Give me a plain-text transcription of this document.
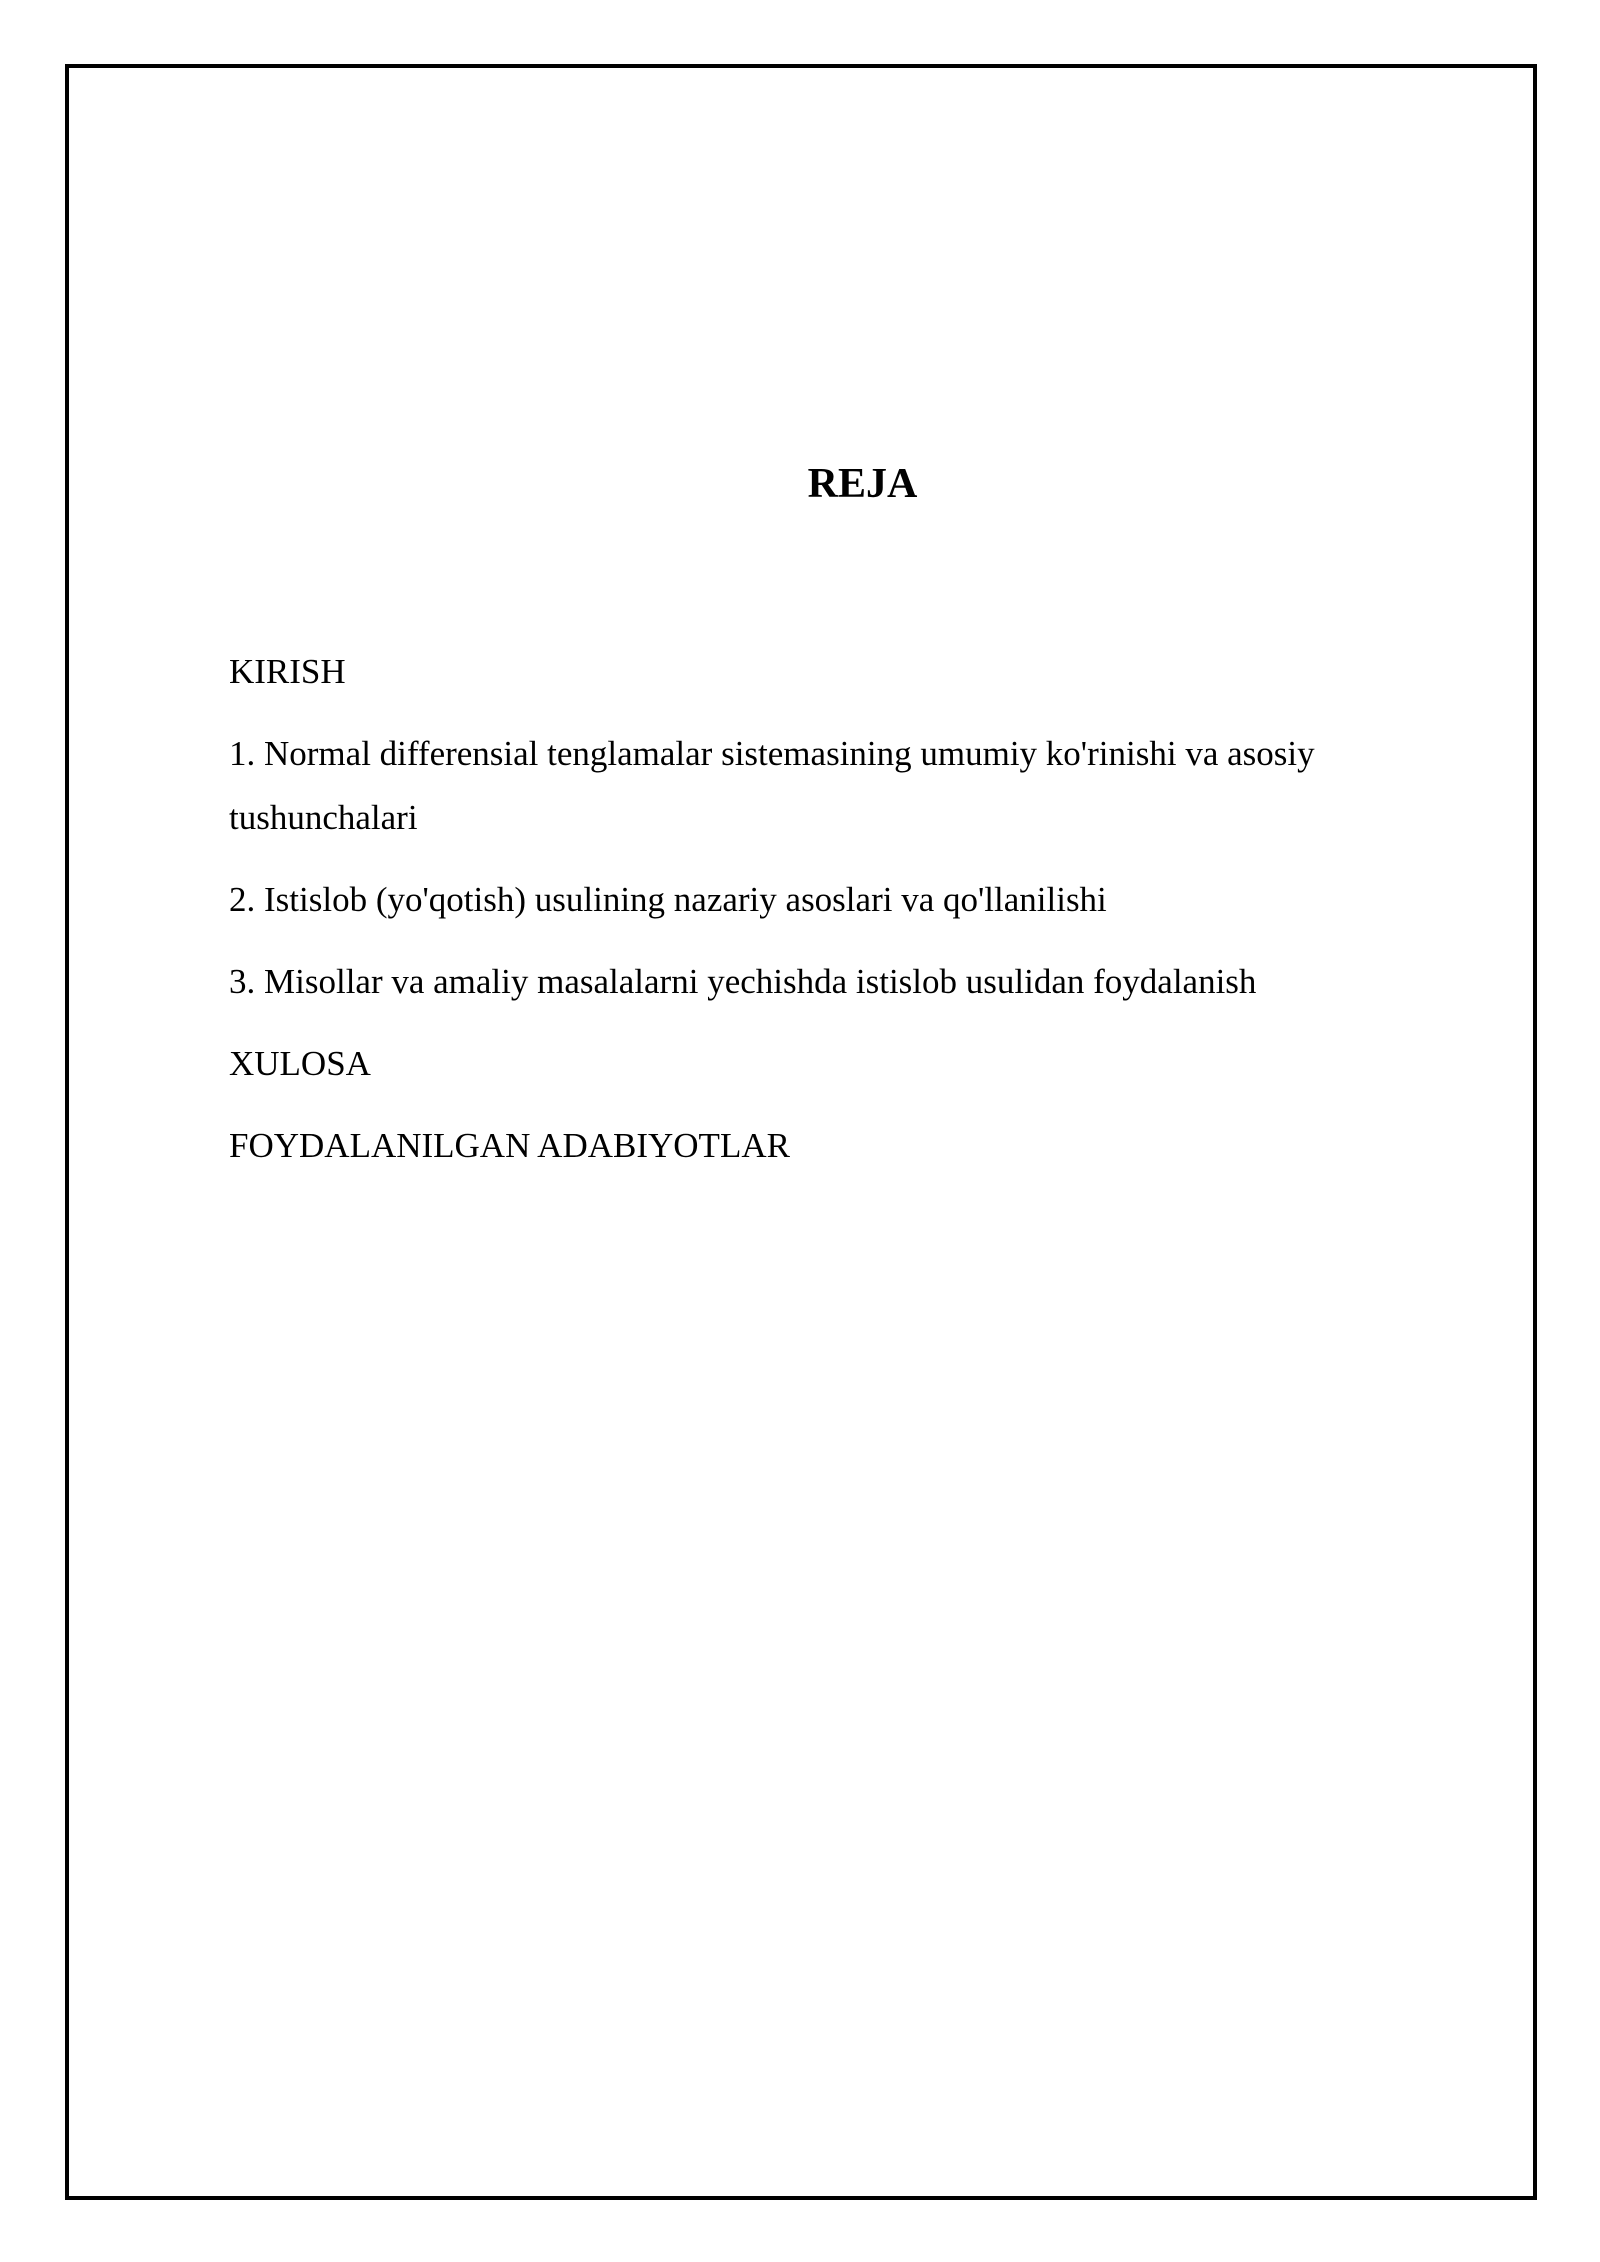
REJA
KIRISH
1. Normal differensial tenglamalar sistemasining umumiy ko'rinishi va asosiy tushunchalari
2. Istislob (yo'qotish) usulining nazariy asoslari va qo'llanilishi
3. Misollar va amaliy masalalarni yechishda istislob usulidan foydalanish
XULOSA
FOYDALANILGAN ADABIYOTLAR
